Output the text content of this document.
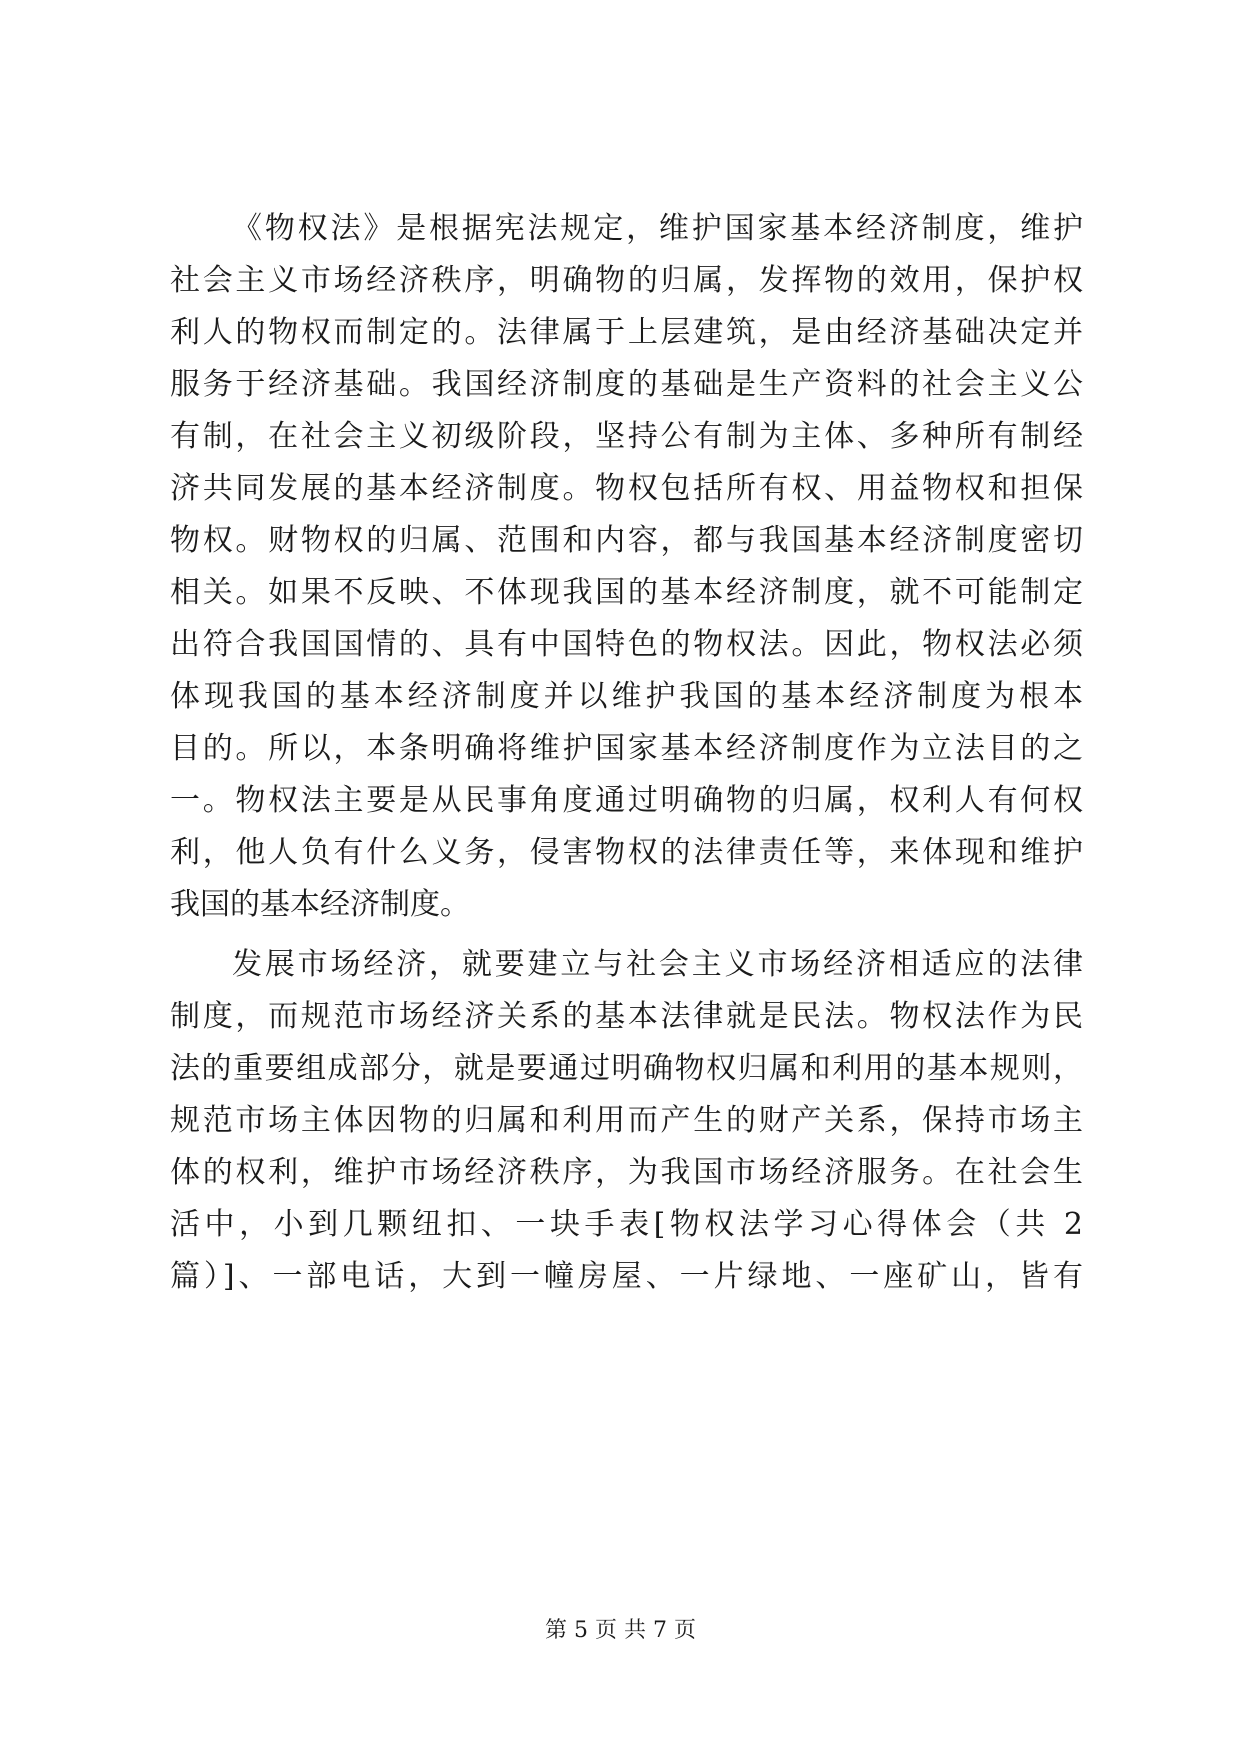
《物权法》是根据宪法规定，维护国家基本经济制度，维护
社会主义市场经济秩序，明确物的归属，发挥物的效用，保护权
利人的物权而制定的。法律属于上层建筑，是由经济基础决定并
服务于经济基础。我国经济制度的基础是生产资料的社会主义公
有制，在社会主义初级阶段，坚持公有制为主体、多种所有制经
济共同发展的基本经济制度。物权包括所有权、用益物权和担保
物权。财物权的归属、范围和内容，都与我国基本经济制度密切
相关。如果不反映、不体现我国的基本经济制度，就不可能制定
出符合我国国情的、具有中国特色的物权法。因此，物权法必须
体现我国的基本经济制度并以维护我国的基本经济制度为根本
目的。所以，本条明确将维护国家基本经济制度作为立法目的之
一。物权法主要是从民事角度通过明确物的归属，权利人有何权
利，他人负有什么义务，侵害物权的法律责任等，来体现和维护
我国的基本经济制度。
发展市场经济，就要建立与社会主义市场经济相适应的法律
制度，而规范市场经济关系的基本法律就是民法。物权法作为民
法的重要组成部分，就是要通过明确物权归属和利用的基本规则，
规范市场主体因物的归属和利用而产生的财产关系，保持市场主
体的权利，维护市场经济秩序，为我国市场经济服务。在社会生
活中，小到几颗纽扣、一块手表[物权法学习心得体会（共 2
篇）]、一部电话，大到一幢房屋、一片绿地、一座矿山，皆有
第 5 页 共 7 页
